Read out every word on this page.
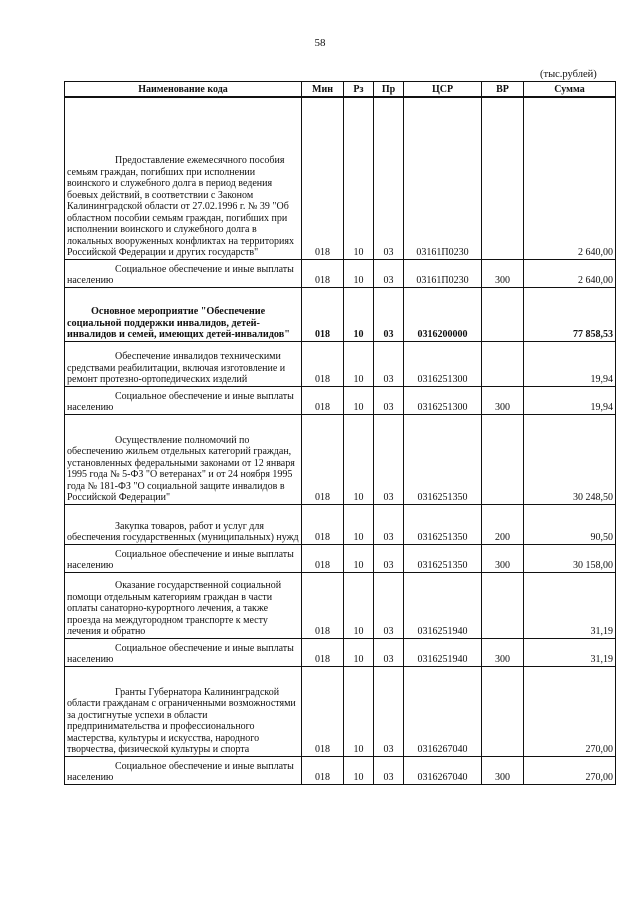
58
(тыс.рублей)
Наименование кода	Мин	Рз	Пр	ЦСР	ВР	Сумма

Предоставление ежемесячного пособия семьям граждан, погибших при исполнении воинского и служебного долга в период ведения боевых действий, в соответствии с Законом Калининградской области от 27.02.1996 г. № 39 "Об областном пособии семьям граждан, погибших при исполнении воинского и служебного долга в локальных вооруженных конфликтах на территориях Российской Федерации и других государств"	018	10	03	03161П0230		2 640,00

Социальное обеспечение и иные выплаты населению	018	10	03	03161П0230	300	2 640,00

Основное мероприятие "Обеспечение социальной поддержки инвалидов, детей-инвалидов и семей, имеющих детей-инвалидов"	018	10	03	0316200000		77 858,53

Обеспечение инвалидов техническими средствами реабилитации, включая изготовление и ремонт протезно-ортопедических изделий	018	10	03	0316251300		19,94

Социальное обеспечение и иные выплаты населению	018	10	03	0316251300	300	19,94

Осуществление полномочий по обеспечению жильем отдельных категорий граждан, установленных федеральными законами от 12 января 1995 года № 5-ФЗ "О ветеранах" и от 24 ноября 1995 года № 181-ФЗ "О социальной защите инвалидов в Российской Федерации"	018	10	03	0316251350		30 248,50

Закупка товаров, работ и услуг для обеспечения государственных (муниципальных) нужд	018	10	03	0316251350	200	90,50

Социальное обеспечение и иные выплаты населению	018	10	03	0316251350	300	30 158,00

Оказание государственной социальной помощи отдельным категориям граждан в части оплаты санаторно-курортного лечения, а также проезда на междугородном транспорте к месту лечения и обратно	018	10	03	0316251940		31,19

Социальное обеспечение и иные выплаты населению	018	10	03	0316251940	300	31,19

Гранты Губернатора Калининградской области гражданам с ограниченными возможностями за достигнутые успехи в области предпринимательства и профессионального мастерства, культуры и искусства, народного творчества, физической культуры и спорта	018	10	03	0316267040		270,00

Социальное обеспечение и иные выплаты населению	018	10	03	0316267040	300	270,00
